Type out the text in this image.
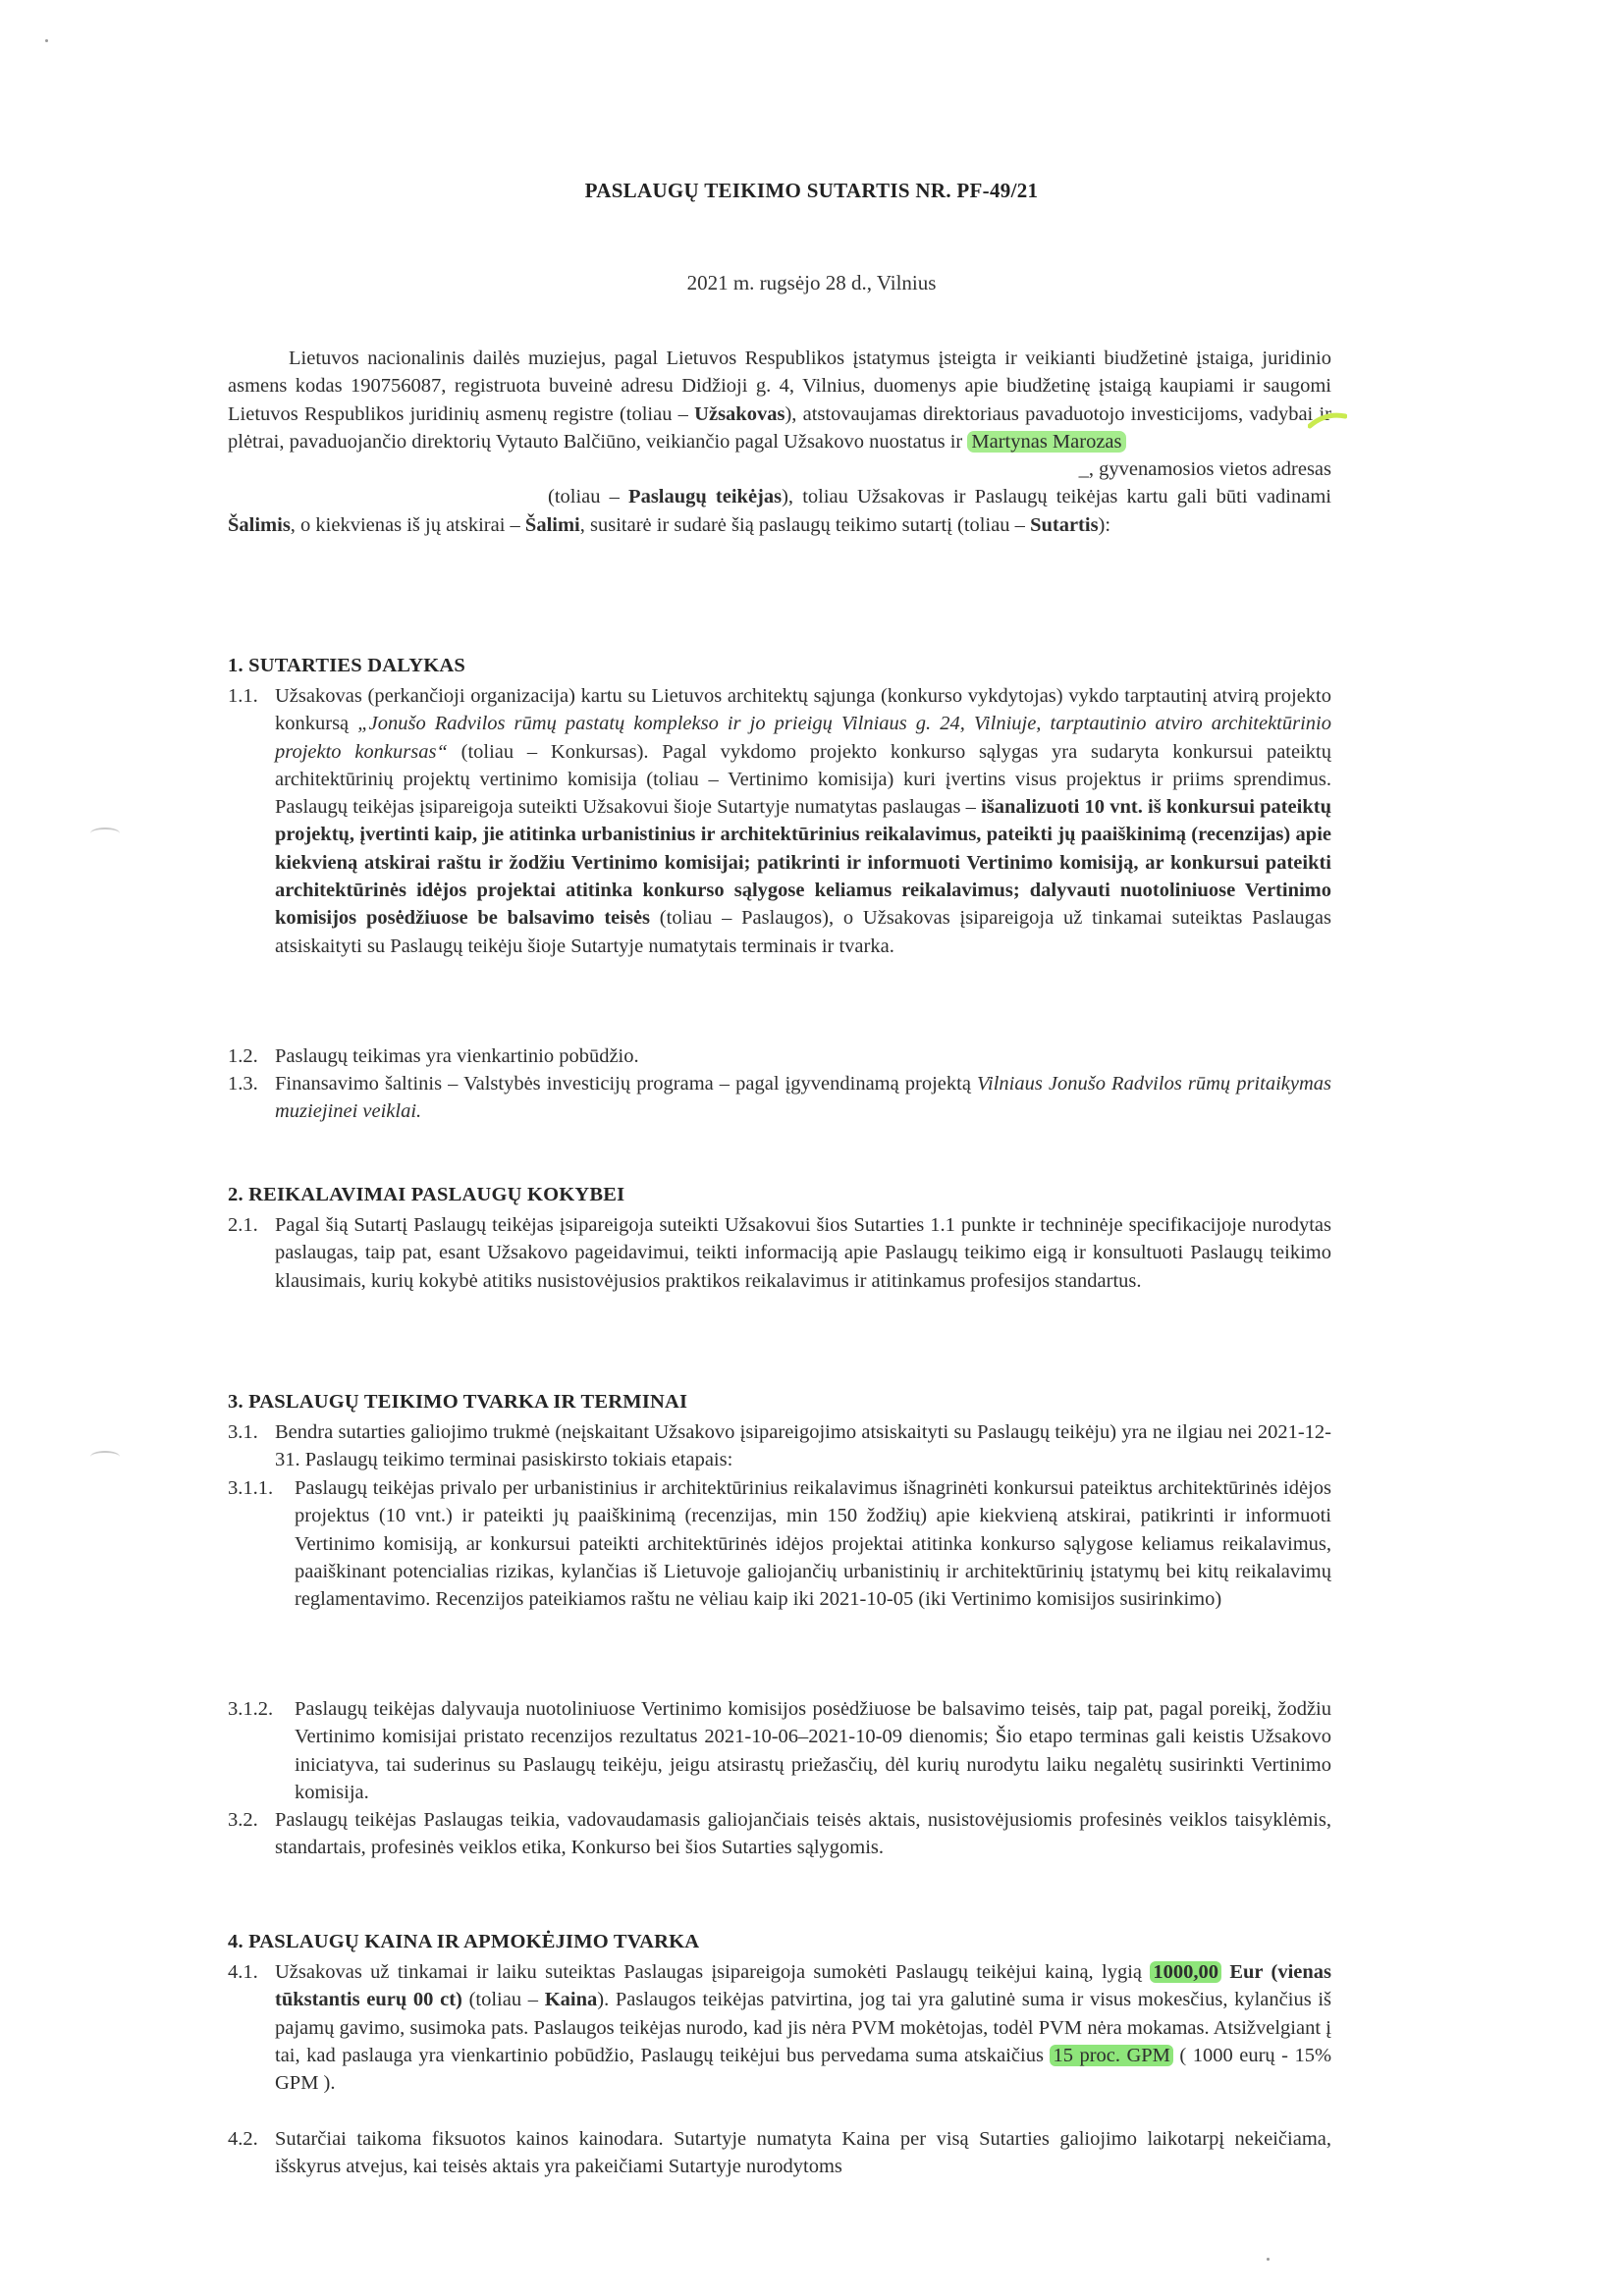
PASLAUGŲ TEIKIMO SUTARTIS NR. PF-49/21
2021 m. rugsėjo 28 d., Vilnius
Lietuvos nacionalinis dailės muziejus, pagal Lietuvos Respublikos įstatymus įsteigta ir veikianti biudžetinė įstaiga, juridinio asmens kodas 190756087, registruota buveinė adresu Didžioji g. 4, Vilnius, duomenys apie biudžetinę įstaigą kaupiami ir saugomi Lietuvos Respublikos juridinių asmenų registre (toliau – Užsakovas), atstovaujamas direktoriaus pavaduotojo investicijoms, vadybai ir plėtrai, pavaduojančio direktorių Vytauto Balčiūno, veikiančio pagal Užsakovo nuostatus ir Martynas Marozas
_, gyvenamosios vietos adresas
(toliau – Paslaugų teikėjas), toliau Užsakovas ir Paslaugų teikėjas kartu gali būti vadinami Šalimis, o kiekvienas iš jų atskirai – Šalimi, susitarė ir sudarė šią paslaugų teikimo sutartį (toliau – Sutartis):
1. SUTARTIES DALYKAS
1.1. Užsakovas (perkančioji organizacija) kartu su Lietuvos architektų sąjunga (konkurso vykdytojas) vykdo tarptautinį atvirą projekto konkursą „Jonušo Radvilos rūmų pastatų komplekso ir jo prieigų Vilniaus g. 24, Vilniuje, tarptautinio atviro architektūrinio projekto konkursas“ (toliau – Konkursas). Pagal vykdomo projekto konkurso sąlygas yra sudaryta konkursui pateiktų architektūrinių projektų vertinimo komisija (toliau – Vertinimo komisija) kuri įvertins visus projektus ir priims sprendimus. Paslaugų teikėjas įsipareigoja suteikti Užsakovui šioje Sutartyje numatytas paslaugas – išanalizuoti 10 vnt. iš konkursui pateiktų projektų, įvertinti kaip, jie atitinka urbanistinius ir architektūrinius reikalavimus, pateikti jų paaiškinimą (recenzijas) apie kiekvieną atskirai raštu ir žodžiu Vertinimo komisijai; patikrinti ir informuoti Vertinimo komisiją, ar konkursui pateikti architektūrinės idėjos projektai atitinka konkurso sąlygose keliamus reikalavimus; dalyvauti nuotoliniuose Vertinimo komisijos posėdžiuose be balsavimo teisės (toliau – Paslaugos), o Užsakovas įsipareigoja už tinkamai suteiktas Paslaugas atsiskaityti su Paslaugų teikėju šioje Sutartyje numatytais terminais ir tvarka.
1.2. Paslaugų teikimas yra vienkartinio pobūdžio.
1.3. Finansavimo šaltinis – Valstybės investicijų programa – pagal įgyvendinamą projektą Vilniaus Jonušo Radvilos rūmų pritaikymas muziejinei veiklai.
2. REIKALAVIMAI PASLAUGŲ KOKYBEI
2.1. Pagal šią Sutartį Paslaugų teikėjas įsipareigoja suteikti Užsakovui šios Sutarties 1.1 punkte ir techninėje specifikacijoje nurodytas paslaugas, taip pat, esant Užsakovo pageidavimui, teikti informaciją apie Paslaugų teikimo eigą ir konsultuoti Paslaugų teikimo klausimais, kurių kokybė atitiks nusistovėjusios praktikos reikalavimus ir atitinkamus profesijos standartus.
3. PASLAUGŲ TEIKIMO TVARKA IR TERMINAI
3.1. Bendra sutarties galiojimo trukmė (neįskaitant Užsakovo įsipareigojimo atsiskaityti su Paslaugų teikėju) yra ne ilgiau nei 2021-12-31. Paslaugų teikimo terminai pasiskirsto tokiais etapais:
3.1.1.	Paslaugų teikėjas privalo per urbanistinius ir architektūrinius reikalavimus išnagrinėti konkursui pateiktus architektūrinės idėjos projektus (10 vnt.) ir pateikti jų paaiškinimą (recenzijas, min 150 žodžių) apie kiekvieną atskirai, patikrinti ir informuoti Vertinimo komisiją, ar konkursui pateikti architektūrinės idėjos projektai atitinka konkurso sąlygose keliamus reikalavimus, paaiškinant potencialias rizikas, kylančias iš Lietuvoje galiojančių urbanistinių ir architektūrinių įstatymų bei kitų reikalavimų reglamentavimo. Recenzijos pateikiamos raštu ne vėliau kaip iki 2021-10-05 (iki Vertinimo komisijos susirinkimo)
3.1.2.	Paslaugų teikėjas dalyvauja nuotoliniuose Vertinimo komisijos posėdžiuose be balsavimo teisės, taip pat, pagal poreikį, žodžiu Vertinimo komisijai pristato recenzijos rezultatus 2021-10-06–2021-10-09 dienomis; Šio etapo terminas gali keistis Užsakovo iniciatyva, tai suderinus su Paslaugų teikėju, jeigu atsirastų priežasčių, dėl kurių nurodytu laiku negalėtų susirinkti Vertinimo komisija.
3.2. Paslaugų teikėjas Paslaugas teikia, vadovaudamasis galiojančiais teisės aktais, nusistovėjusiomis profesinės veiklos taisyklėmis, standartais, profesinės veiklos etika, Konkurso bei šios Sutarties sąlygomis.
4. PASLAUGŲ KAINA IR APMOKĖJIMO TVARKA
4.1. Užsakovas už tinkamai ir laiku suteiktas Paslaugas įsipareigoja sumokėti Paslaugų teikėjui kainą, lygią 1000,00 Eur (vienas tūkstantis eurų 00 ct) (toliau – Kaina). Paslaugos teikėjas patvirtina, jog tai yra galutinė suma ir visus mokesčius, kylančius iš pajamų gavimo, susimoka pats. Paslaugos teikėjas nurodo, kad jis nėra PVM mokėtojas, todėl PVM nėra mokamas. Atsižvelgiant į tai, kad paslauga yra vienkartinio pobūdžio, Paslaugų teikėjui bus pervedama suma atskaičius 15 proc. GPM ( 1000 eurų - 15% GPM ).
4.2. Sutarčiai taikoma fiksuotos kainos kainodara. Sutartyje numatyta Kaina per visą Sutarties galiojimo laikotarpį nekeičiama, išskyrus atvejus, kai teisės aktais yra pakeičiami Sutartyje nurodytoms
